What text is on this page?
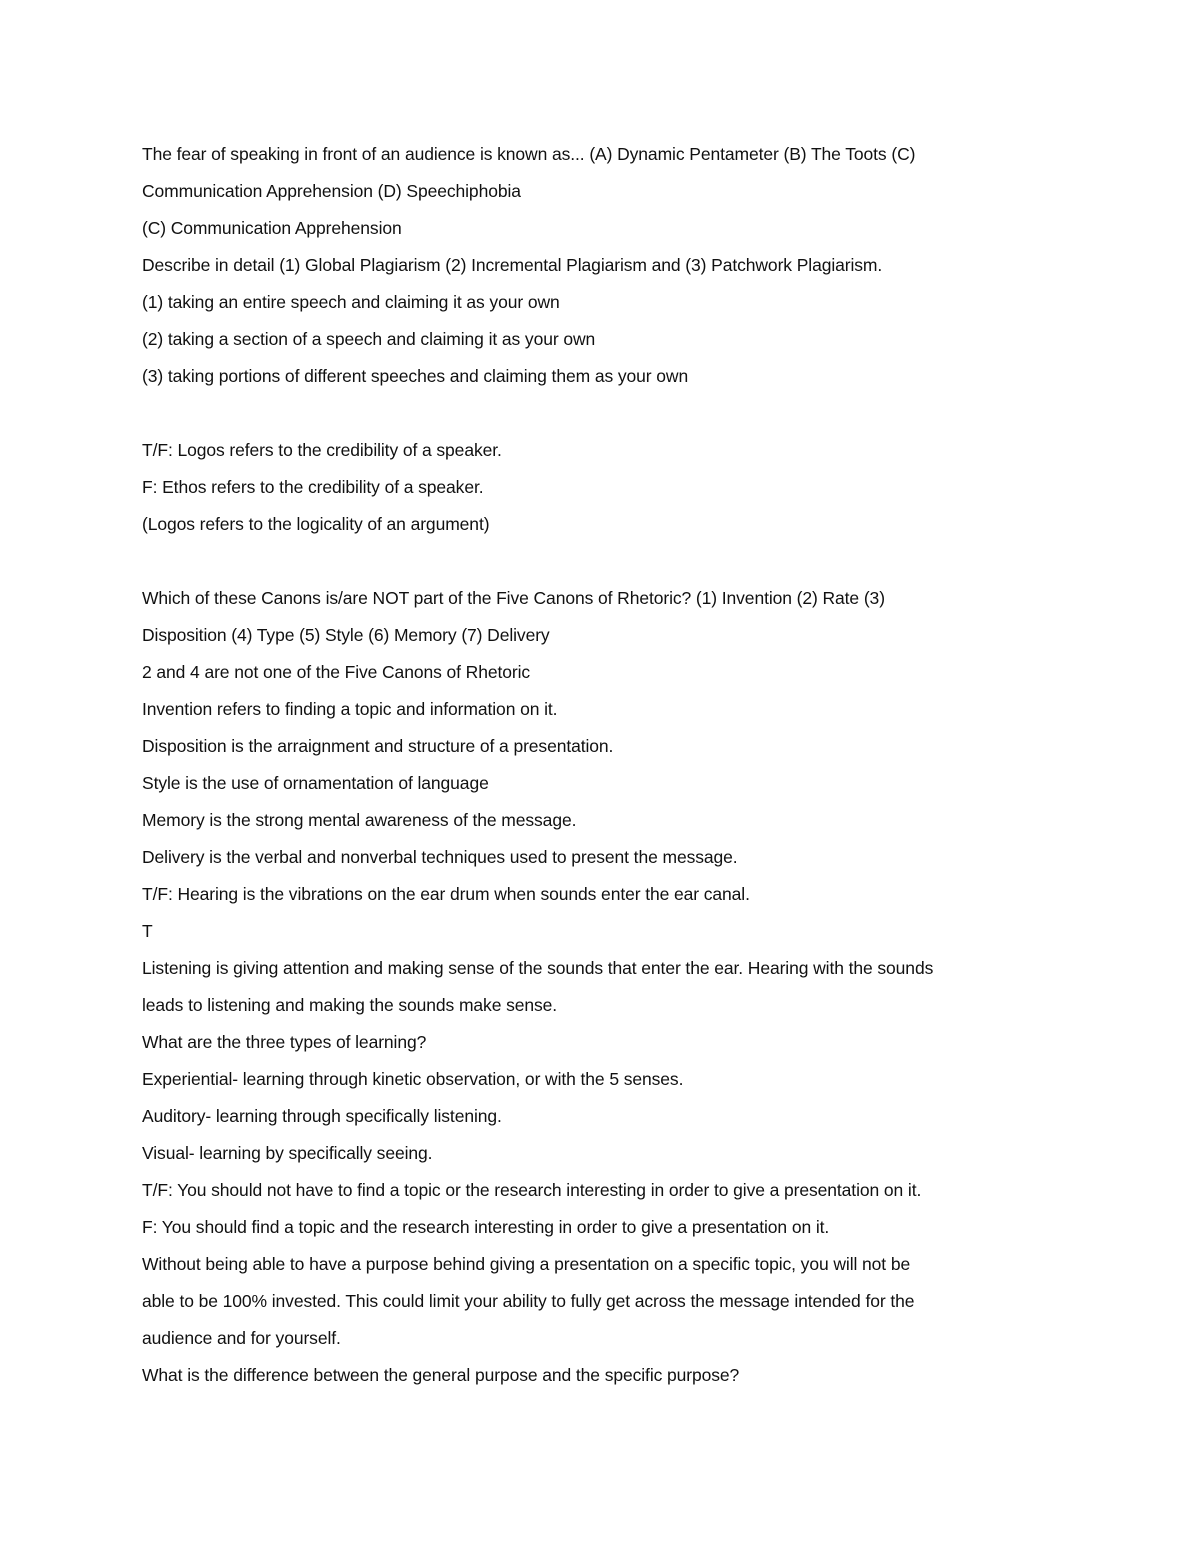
The fear of speaking in front of an audience is known as... (A) Dynamic Pentameter (B) The Toots (C)
Communication Apprehension (D) Speechiphobia
(C) Communication Apprehension
Describe in detail (1) Global Plagiarism (2) Incremental Plagiarism and (3) Patchwork Plagiarism.
(1) taking an entire speech and claiming it as your own
(2) taking a section of a speech and claiming it as your own
(3) taking portions of different speeches and claiming them as your own
T/F: Logos refers to the credibility of a speaker.
F: Ethos refers to the credibility of a speaker.
(Logos refers to the logicality of an argument)
Which of these Canons is/are NOT part of the Five Canons of Rhetoric? (1) Invention (2) Rate (3)
Disposition (4) Type (5) Style (6) Memory (7) Delivery
2 and 4 are not one of the Five Canons of Rhetoric
Invention refers to finding a topic and information on it.
Disposition is the arraignment and structure of a presentation.
Style is the use of ornamentation of language
Memory is the strong mental awareness of the message.
Delivery is the verbal and nonverbal techniques used to present the message.
T/F: Hearing is the vibrations on the ear drum when sounds enter the ear canal.
T
Listening is giving attention and making sense of the sounds that enter the ear. Hearing with the sounds
leads to listening and making the sounds make sense.
What are the three types of learning?
Experiential- learning through kinetic observation, or with the 5 senses.
Auditory- learning through specifically listening.
Visual- learning by specifically seeing.
T/F: You should not have to find a topic or the research interesting in order to give a presentation on it.
F: You should find a topic and the research interesting in order to give a presentation on it.
Without being able to have a purpose behind giving a presentation on a specific topic, you will not be
able to be 100% invested. This could limit your ability to fully get across the message intended for the
audience and for yourself.
What is the difference between the general purpose and the specific purpose?
